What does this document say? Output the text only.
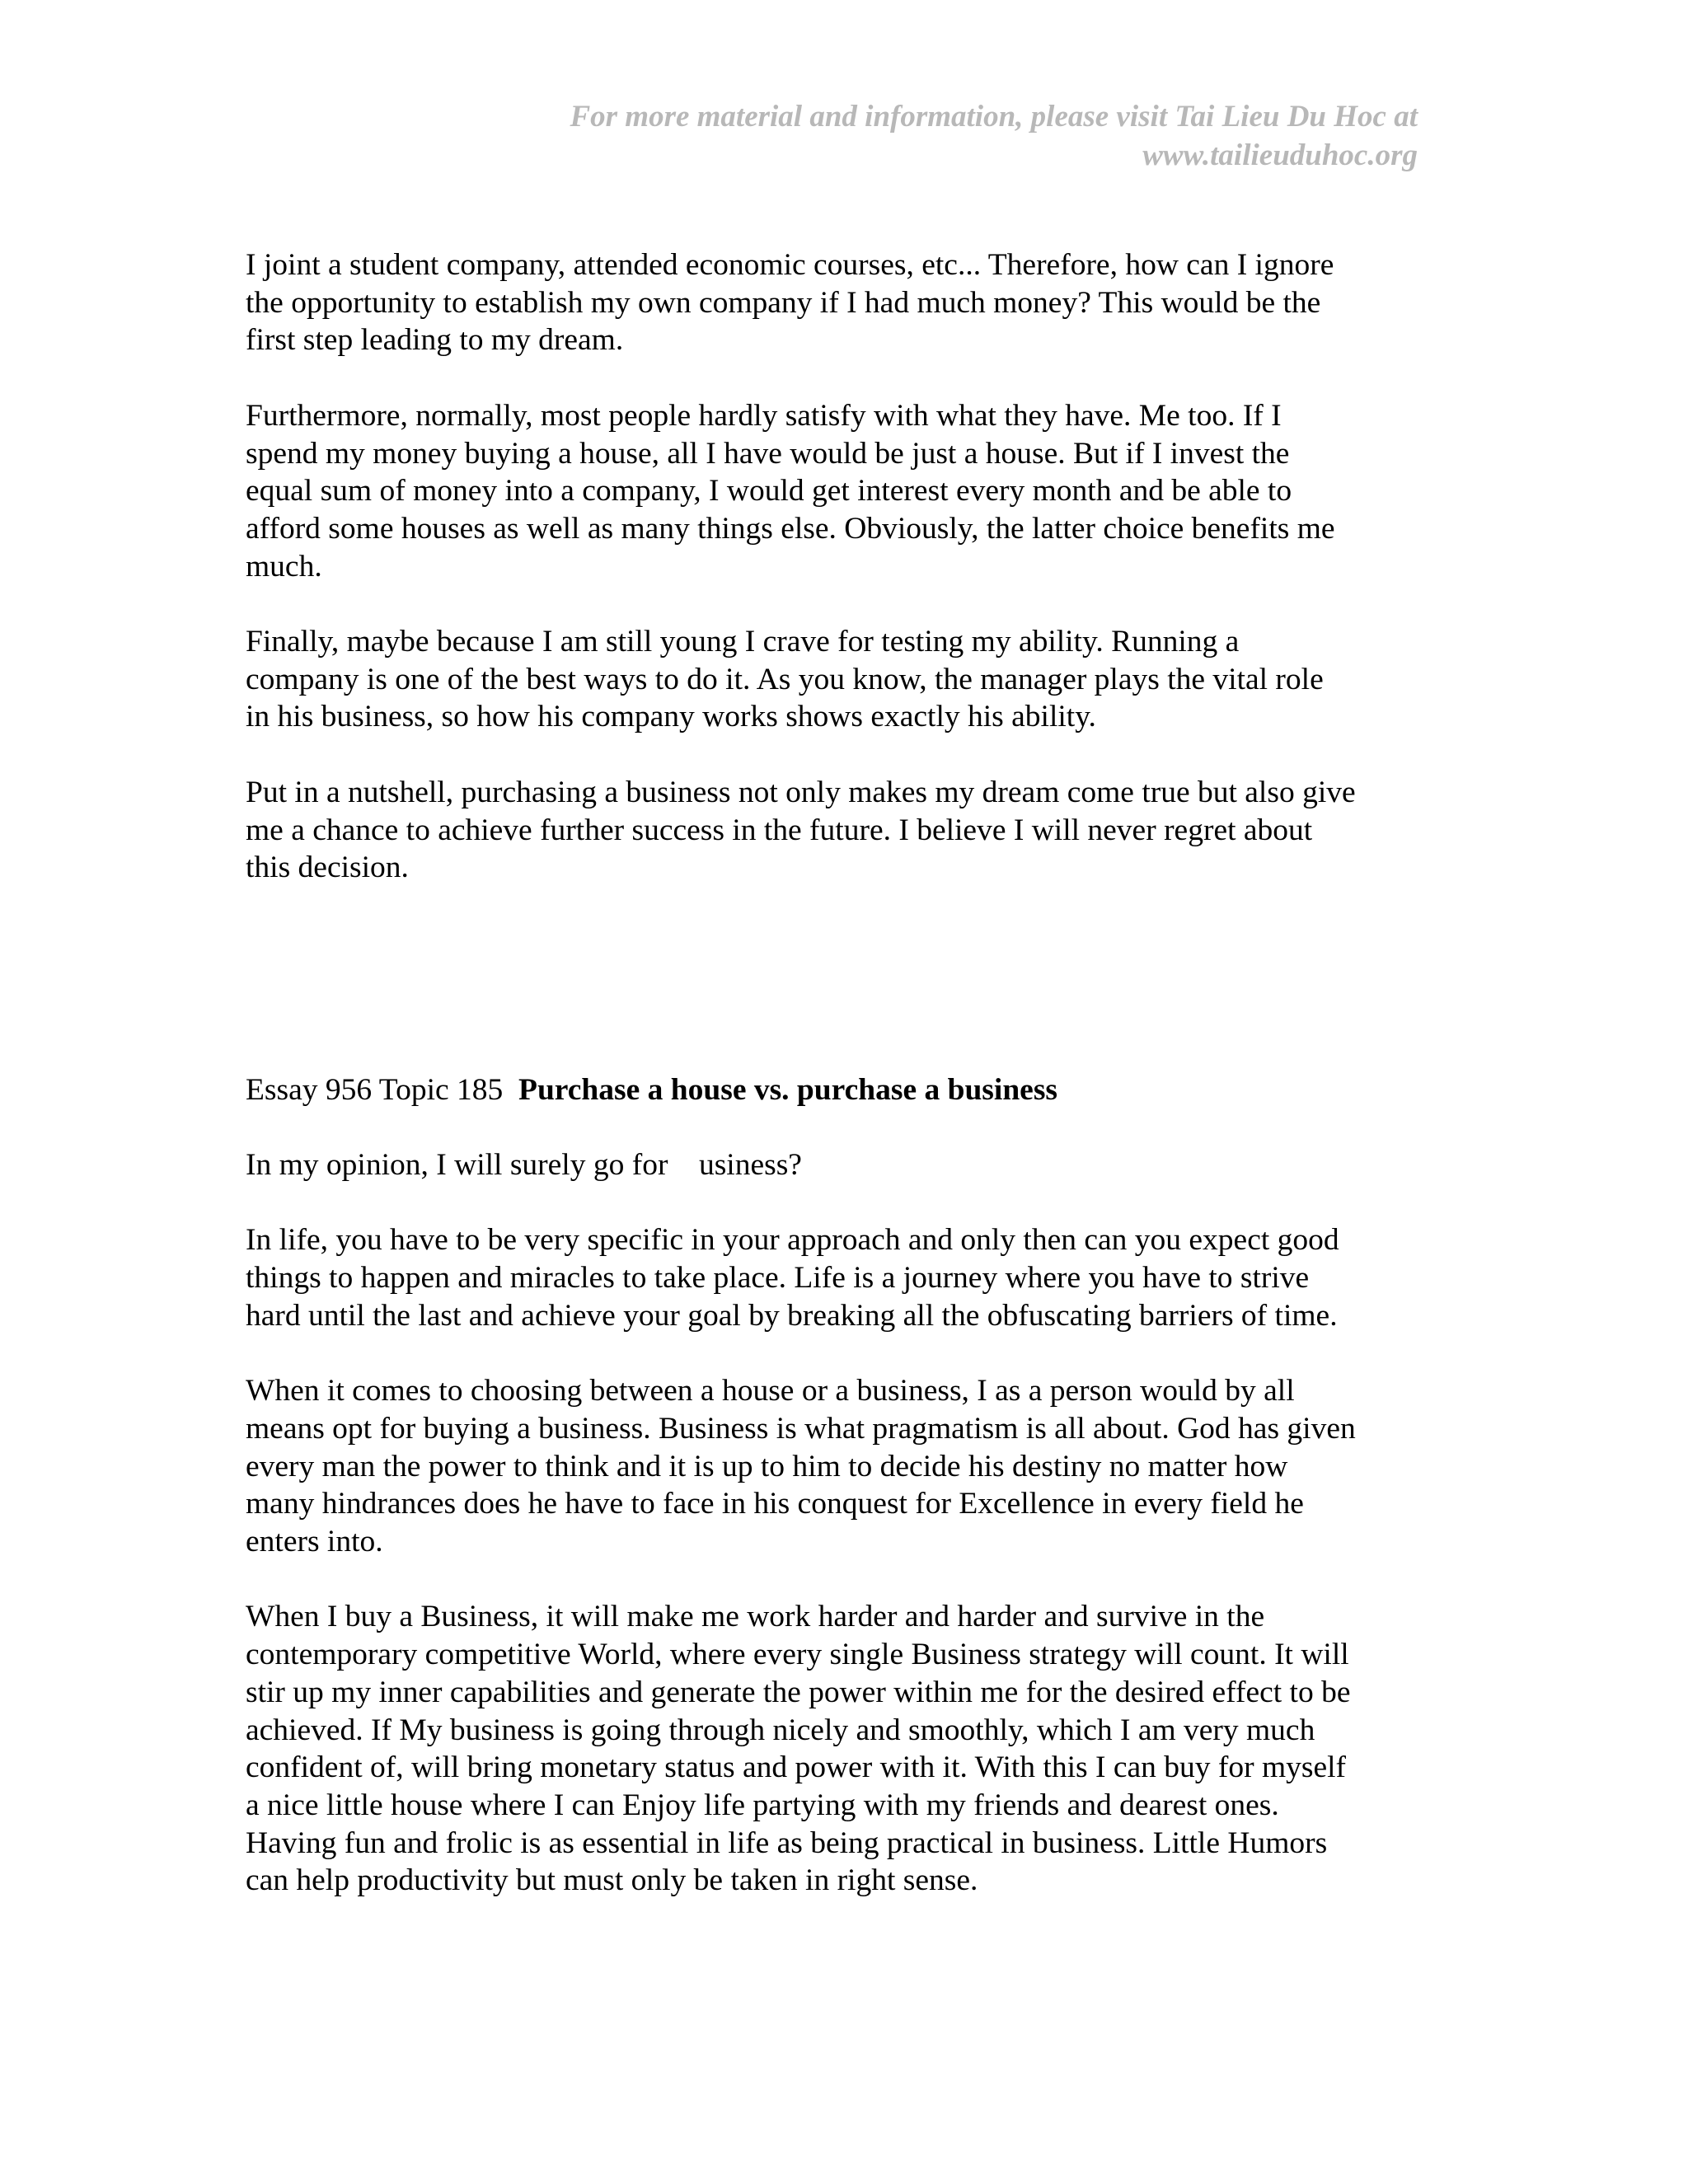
For more material and information, please visit Tai Lieu Du Hoc at
www.tailieuduhoc.org

I joint a student company, attended economic courses, etc... Therefore, how can I ignore
the opportunity to establish my own company if I had much money? This would be the
first step leading to my dream.

Furthermore, normally, most people hardly satisfy with what they have. Me too. If I
spend my money buying a house, all I have would be just a house. But if I invest the
equal sum of money into a company, I would get interest every month and be able to
afford some houses as well as many things else. Obviously, the latter choice benefits me
much.

Finally, maybe because I am still young I crave for testing my ability. Running a
company is one of the best ways to do it. As you know, the manager plays the vital role
in his business, so how his company works shows exactly his ability.

Put in a nutshell, purchasing a business not only makes my dream come true but also give
me a chance to achieve further success in the future. I believe I will never regret about
this decision.

Essay 956 Topic 185 Purchase a house vs. purchase a business

In my opinion, I will surely go for    usiness?

In life, you have to be very specific in your approach and only then can you expect good
things to happen and miracles to take place. Life is a journey where you have to strive
hard until the last and achieve your goal by breaking all the obfuscating barriers of time.

When it comes to choosing between a house or a business, I as a person would by all
means opt for buying a business. Business is what pragmatism is all about. God has given
every man the power to think and it is up to him to decide his destiny no matter how
many hindrances does he have to face in his conquest for Excellence in every field he
enters into.

When I buy a Business, it will make me work harder and harder and survive in the
contemporary competitive World, where every single Business strategy will count. It will
stir up my inner capabilities and generate the power within me for the desired effect to be
achieved. If My business is going through nicely and smoothly, which I am very much
confident of, will bring monetary status and power with it. With this I can buy for myself
a nice little house where I can Enjoy life partying with my friends and dearest ones.
Having fun and frolic is as essential in life as being practical in business. Little Humors
can help productivity but must only be taken in right sense.
